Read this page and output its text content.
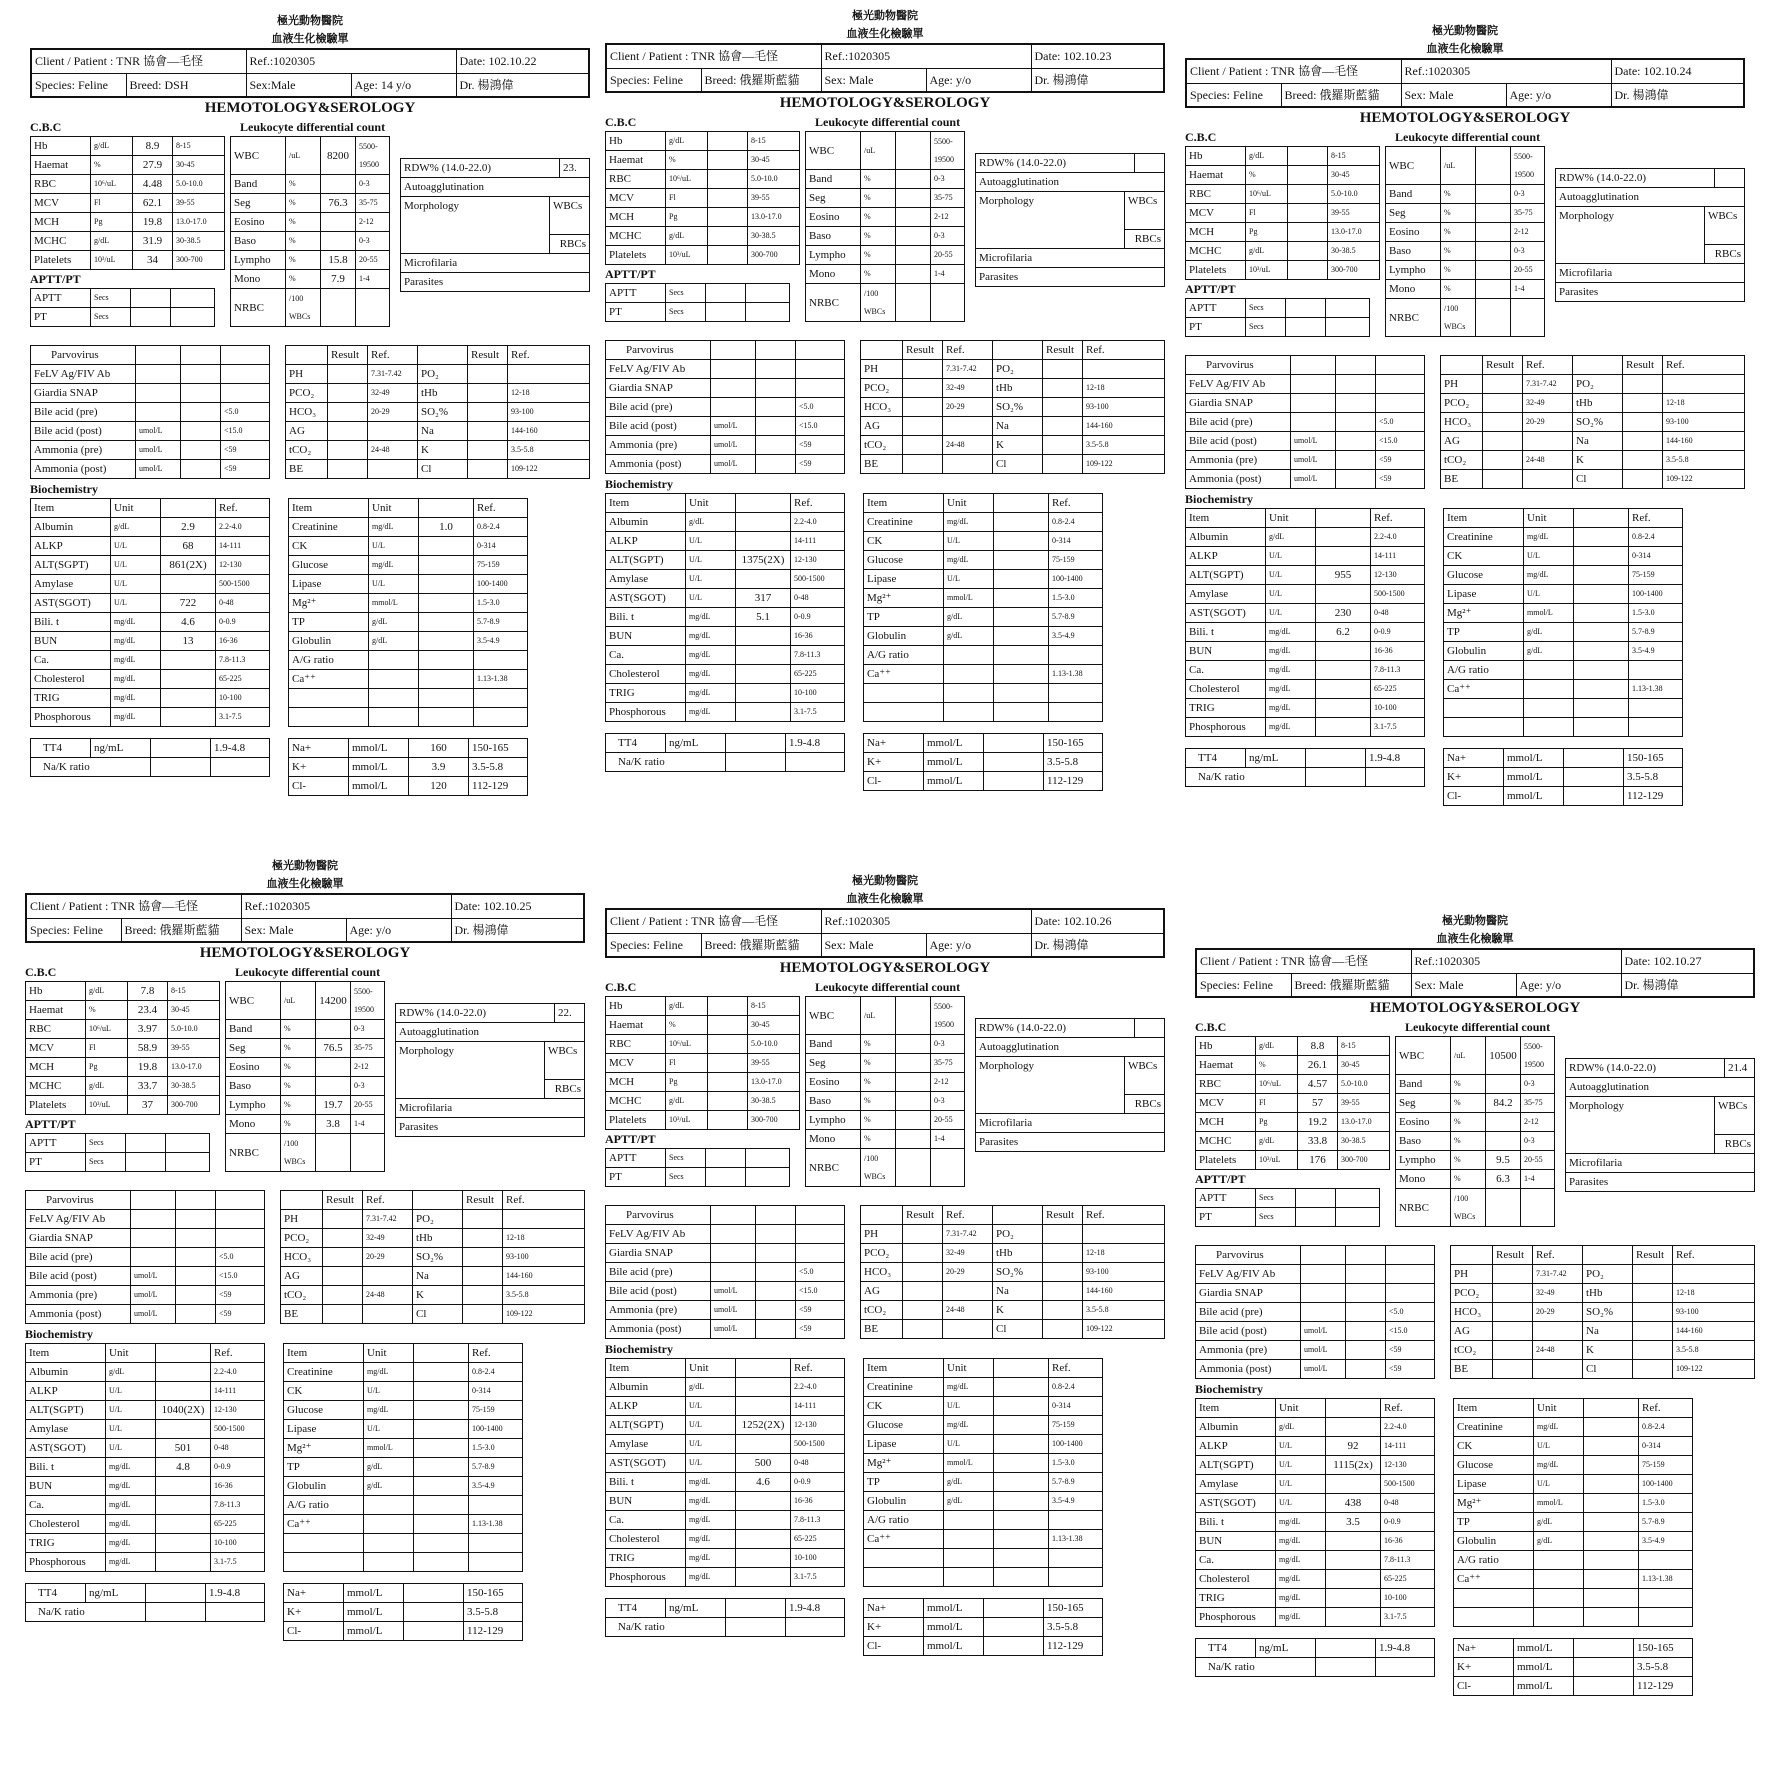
極光動物醫院
血液生化檢驗單
Client / Patient : TNR 協會—毛怪		Ref.:1020305		Date: 102.10.22
Species: Feline	Breed: DSH	Sex:Male	Age: 14 y/o	Dr. 楊鴻偉
HEMOTOLOGY&SEROLOGY
C.B.C	Leukocyte differential count
Hb	g/dL	8.9	8-15
Haemat	%	27.9	30-45
RBC	10⁶/uL	4.48	5.0-10.0
MCV	Fl	62.1	39-55
MCH	Pg	19.8	13.0-17.0
MCHC	g/dL	31.9	30-38.5
Platelets	10³/uL	34	300-700
WBC	/uL	8200	5500-19500
Band	%		0-3
Seg	%	76.3	35-75
Eosino	%		2-12
Baso	%		0-3
Lympho	%	15.8	20-55
Mono	%	7.9	1-4
NRBC	/100 WBCs		
RDW% (14.0-22.0)		23.
Autoagglutination		
Morphology	WBCs	
	RBCs	
Microfilaria		
Parasites		
APTT/PT
APTT	Secs		
PT	Secs		
Parvovirus			
FeLV Ag/FIV Ab			
Giardia SNAP			
Bile acid (pre)			<5.0
Bile acid (post)	umol/L		<15.0
Ammonia (pre)	umol/L		<59
Ammonia (post)	umol/L		<59
	Result	Ref.		Result	Ref.
PH		7.31-7.42	PO₂		
PCO₂		32-49	tHb		12-18
HCO₃		20-29	SO₂%		93-100
AG			Na		144-160
tCO₂		24-48	K		3.5-5.8
BE			Cl		109-122
Biochemistry
Item	Unit		Ref.
Albumin	g/dL	2.9	2.2-4.0
ALKP	U/L	68	14-111
ALT(SGPT)	U/L	861(2X)	12-130
Amylase	U/L		500-1500
AST(SGOT)	U/L	722	0-48
Bili. t	mg/dL	4.6	0-0.9
BUN	mg/dL	13	16-36
Ca.	mg/dL		7.8-11.3
Cholesterol	mg/dL		65-225
TRIG	mg/dL		10-100
Phosphorous	mg/dL		3.1-7.5
Item	Unit		Ref.
Creatinine	mg/dL	1.0	0.8-2.4
CK	U/L		0-314
Glucose	mg/dL		75-159
Lipase	U/L		100-1400
Mg²⁺	mmol/L		1.5-3.0
TP	g/dL		5.7-8.9
Globulin	g/dL		3.5-4.9
A/G ratio			
Ca⁺⁺			1.13-1.38

TT4	ng/mL		1.9-4.8
Na/K ratio			
Na+	mmol/L	160	150-165
K+	mmol/L	3.9	3.5-5.8
Cl-	mmol/L	120	112-129
極光動物醫院
血液生化檢驗單
Client / Patient : TNR 協會—毛怪		Ref.:1020305		Date: 102.10.23
Species: Feline	Breed: 俄羅斯藍貓	Sex: Male	Age: y/o	Dr. 楊鴻偉
HEMOTOLOGY&SEROLOGY
C.B.C	Leukocyte differential count
Hb	g/dL		8-15
Haemat	%		30-45
RBC	10⁶/uL		5.0-10.0
MCV	Fl		39-55
MCH	Pg		13.0-17.0
MCHC	g/dL		30-38.5
Platelets	10³/uL		300-700
WBC	/uL		5500-19500
Band	%		0-3
Seg	%		35-75
Eosino	%		2-12
Baso	%		0-3
Lympho	%		20-55
Mono	%		1-4
NRBC	/100 WBCs		
RDW% (14.0-22.0)		
Autoagglutination		
Morphology	WBCs	
	RBCs	
Microfilaria		
Parasites		
APTT/PT
APTT	Secs		
PT	Secs		
Parvovirus			
FeLV Ag/FIV Ab			
Giardia SNAP			
Bile acid (pre)			<5.0
Bile acid (post)	umol/L		<15.0
Ammonia (pre)	umol/L		<59
Ammonia (post)	umol/L		<59
	Result	Ref.		Result	Ref.
PH		7.31-7.42	PO₂		
PCO₂		32-49	tHb		12-18
HCO₃		20-29	SO₂%		93-100
AG			Na		144-160
tCO₂		24-48	K		3.5-5.8
BE			Cl		109-122
Biochemistry
Item	Unit		Ref.
Albumin	g/dL		2.2-4.0
ALKP	U/L		14-111
ALT(SGPT)	U/L	1375(2X)	12-130
Amylase	U/L		500-1500
AST(SGOT)	U/L	317	0-48
Bili. t	mg/dL	5.1	0-0.9
BUN	mg/dL		16-36
Ca.	mg/dL		7.8-11.3
Cholesterol	mg/dL		65-225
TRIG	mg/dL		10-100
Phosphorous	mg/dL		3.1-7.5
Item	Unit		Ref.
Creatinine	mg/dL		0.8-2.4
CK	U/L		0-314
Glucose	mg/dL		75-159
Lipase	U/L		100-1400
Mg²⁺	mmol/L		1.5-3.0
TP	g/dL		5.7-8.9
Globulin	g/dL		3.5-4.9
A/G ratio			
Ca⁺⁺			1.13-1.38

TT4	ng/mL		1.9-4.8
Na/K ratio			
Na+	mmol/L		150-165
K+	mmol/L		3.5-5.8
Cl-	mmol/L		112-129
極光動物醫院
血液生化檢驗單
Client / Patient : TNR 協會—毛怪		Ref.:1020305		Date: 102.10.24
Species: Feline	Breed: 俄羅斯藍貓	Sex: Male	Age: y/o	Dr. 楊鴻偉
HEMOTOLOGY&SEROLOGY
C.B.C	Leukocyte differential count
Hb	g/dL		8-15
Haemat	%		30-45
RBC	10⁶/uL		5.0-10.0
MCV	Fl		39-55
MCH	Pg		13.0-17.0
MCHC	g/dL		30-38.5
Platelets	10³/uL		300-700
WBC	/uL		5500-19500
Band	%		0-3
Seg	%		35-75
Eosino	%		2-12
Baso	%		0-3
Lympho	%		20-55
Mono	%		1-4
NRBC	/100 WBCs		
RDW% (14.0-22.0)		
Autoagglutination		
Morphology	WBCs	
	RBCs	
Microfilaria		
Parasites		
APTT/PT
APTT	Secs		
PT	Secs		
Parvovirus			
FeLV Ag/FIV Ab			
Giardia SNAP			
Bile acid (pre)			<5.0
Bile acid (post)	umol/L		<15.0
Ammonia (pre)	umol/L		<59
Ammonia (post)	umol/L		<59
	Result	Ref.		Result	Ref.
PH		7.31-7.42	PO₂		
PCO₂		32-49	tHb		12-18
HCO₃		20-29	SO₂%		93-100
AG			Na		144-160
tCO₂		24-48	K		3.5-5.8
BE			Cl		109-122
Biochemistry
Item	Unit		Ref.
Albumin	g/dL		2.2-4.0
ALKP	U/L		14-111
ALT(SGPT)	U/L	955	12-130
Amylase	U/L		500-1500
AST(SGOT)	U/L	230	0-48
Bili. t	mg/dL	6.2	0-0.9
BUN	mg/dL		16-36
Ca.	mg/dL		7.8-11.3
Cholesterol	mg/dL		65-225
TRIG	mg/dL		10-100
Phosphorous	mg/dL		3.1-7.5
Item	Unit		Ref.
Creatinine	mg/dL		0.8-2.4
CK	U/L		0-314
Glucose	mg/dL		75-159
Lipase	U/L		100-1400
Mg²⁺	mmol/L		1.5-3.0
TP	g/dL		5.7-8.9
Globulin	g/dL		3.5-4.9
A/G ratio			
Ca⁺⁺			1.13-1.38

TT4	ng/mL		1.9-4.8
Na/K ratio			
Na+	mmol/L		150-165
K+	mmol/L		3.5-5.8
Cl-	mmol/L		112-129
極光動物醫院
血液生化檢驗單
Client / Patient : TNR 協會—毛怪		Ref.:1020305		Date: 102.10.25
Species: Feline	Breed: 俄羅斯藍貓	Sex: Male	Age: y/o	Dr. 楊鴻偉
HEMOTOLOGY&SEROLOGY
C.B.C	Leukocyte differential count
Hb	g/dL	7.8	8-15
Haemat	%	23.4	30-45
RBC	10⁶/uL	3.97	5.0-10.0
MCV	Fl	58.9	39-55
MCH	Pg	19.8	13.0-17.0
MCHC	g/dL	33.7	30-38.5
Platelets	10³/uL	37	300-700
WBC	/uL	14200	5500-19500
Band	%		0-3
Seg	%	76.5	35-75
Eosino	%		2-12
Baso	%		0-3
Lympho	%	19.7	20-55
Mono	%	3.8	1-4
NRBC	/100 WBCs		
RDW% (14.0-22.0)		22.
Autoagglutination		
Morphology	WBCs	
	RBCs	
Microfilaria		
Parasites		
APTT/PT
APTT	Secs		
PT	Secs		
Parvovirus			
FeLV Ag/FIV Ab			
Giardia SNAP			
Bile acid (pre)			<5.0
Bile acid (post)	umol/L		<15.0
Ammonia (pre)	umol/L		<59
Ammonia (post)	umol/L		<59
	Result	Ref.		Result	Ref.
PH		7.31-7.42	PO₂		
PCO₂		32-49	tHb		12-18
HCO₃		20-29	SO₂%		93-100
AG			Na		144-160
tCO₂		24-48	K		3.5-5.8
BE			Cl		109-122
Biochemistry
Item	Unit		Ref.
Albumin	g/dL		2.2-4.0
ALKP	U/L		14-111
ALT(SGPT)	U/L	1040(2X)	12-130
Amylase	U/L		500-1500
AST(SGOT)	U/L	501	0-48
Bili. t	mg/dL	4.8	0-0.9
BUN	mg/dL		16-36
Ca.	mg/dL		7.8-11.3
Cholesterol	mg/dL		65-225
TRIG	mg/dL		10-100
Phosphorous	mg/dL		3.1-7.5
Item	Unit		Ref.
Creatinine	mg/dL		0.8-2.4
CK	U/L		0-314
Glucose	mg/dL		75-159
Lipase	U/L		100-1400
Mg²⁺	mmol/L		1.5-3.0
TP	g/dL		5.7-8.9
Globulin	g/dL		3.5-4.9
A/G ratio			
Ca⁺⁺			1.13-1.38

TT4	ng/mL		1.9-4.8
Na/K ratio			
Na+	mmol/L		150-165
K+	mmol/L		3.5-5.8
Cl-	mmol/L		112-129
極光動物醫院
血液生化檢驗單
Client / Patient : TNR 協會—毛怪		Ref.:1020305		Date: 102.10.26
Species: Feline	Breed: 俄羅斯藍貓	Sex: Male	Age: y/o	Dr. 楊鴻偉
HEMOTOLOGY&SEROLOGY
C.B.C	Leukocyte differential count
Hb	g/dL		8-15
Haemat	%		30-45
RBC	10⁶/uL		5.0-10.0
MCV	Fl		39-55
MCH	Pg		13.0-17.0
MCHC	g/dL		30-38.5
Platelets	10³/uL		300-700
WBC	/uL		5500-19500
Band	%		0-3
Seg	%		35-75
Eosino	%		2-12
Baso	%		0-3
Lympho	%		20-55
Mono	%		1-4
NRBC	/100 WBCs		
RDW% (14.0-22.0)		
Autoagglutination		
Morphology	WBCs	
	RBCs	
Microfilaria		
Parasites		
APTT/PT
APTT	Secs		
PT	Secs		
Parvovirus			
FeLV Ag/FIV Ab			
Giardia SNAP			
Bile acid (pre)			<5.0
Bile acid (post)	umol/L		<15.0
Ammonia (pre)	umol/L		<59
Ammonia (post)	umol/L		<59
	Result	Ref.		Result	Ref.
PH		7.31-7.42	PO₂		
PCO₂		32-49	tHb		12-18
HCO₃		20-29	SO₂%		93-100
AG			Na		144-160
tCO₂		24-48	K		3.5-5.8
BE			Cl		109-122
Biochemistry
Item	Unit		Ref.
Albumin	g/dL		2.2-4.0
ALKP	U/L		14-111
ALT(SGPT)	U/L	1252(2X)	12-130
Amylase	U/L		500-1500
AST(SGOT)	U/L	500	0-48
Bili. t	mg/dL	4.6	0-0.9
BUN	mg/dL		16-36
Ca.	mg/dL		7.8-11.3
Cholesterol	mg/dL		65-225
TRIG	mg/dL		10-100
Phosphorous	mg/dL		3.1-7.5
Item	Unit		Ref.
Creatinine	mg/dL		0.8-2.4
CK	U/L		0-314
Glucose	mg/dL		75-159
Lipase	U/L		100-1400
Mg²⁺	mmol/L		1.5-3.0
TP	g/dL		5.7-8.9
Globulin	g/dL		3.5-4.9
A/G ratio			
Ca⁺⁺			1.13-1.38

TT4	ng/mL		1.9-4.8
Na/K ratio			
Na+	mmol/L		150-165
K+	mmol/L		3.5-5.8
Cl-	mmol/L		112-129
極光動物醫院
血液生化檢驗單
Client / Patient : TNR 協會—毛怪		Ref.:1020305		Date: 102.10.27
Species: Feline	Breed: 俄羅斯藍貓	Sex: Male	Age: y/o	Dr. 楊鴻偉
HEMOTOLOGY&SEROLOGY
C.B.C	Leukocyte differential count
Hb	g/dL	8.8	8-15
Haemat	%	26.1	30-45
RBC	10⁶/uL	4.57	5.0-10.0
MCV	Fl	57	39-55
MCH	Pg	19.2	13.0-17.0
MCHC	g/dL	33.8	30-38.5
Platelets	10³/uL	176	300-700
WBC	/uL	10500	5500-19500
Band	%		0-3
Seg	%	84.2	35-75
Eosino	%		2-12
Baso	%		0-3
Lympho	%	9.5	20-55
Mono	%	6.3	1-4
NRBC	/100 WBCs		
RDW% (14.0-22.0)		21.4
Autoagglutination		
Morphology	WBCs	
	RBCs	
Microfilaria		
Parasites		
APTT/PT
APTT	Secs		
PT	Secs		
Parvovirus			
FeLV Ag/FIV Ab			
Giardia SNAP			
Bile acid (pre)			<5.0
Bile acid (post)	umol/L		<15.0
Ammonia (pre)	umol/L		<59
Ammonia (post)	umol/L		<59
	Result	Ref.		Result	Ref.
PH		7.31-7.42	PO₂		
PCO₂		32-49	tHb		12-18
HCO₃		20-29	SO₂%		93-100
AG			Na		144-160
tCO₂		24-48	K		3.5-5.8
BE			Cl		109-122
Biochemistry
Item	Unit		Ref.
Albumin	g/dL		2.2-4.0
ALKP	U/L	92	14-111
ALT(SGPT)	U/L	1115(2x)	12-130
Amylase	U/L		500-1500
AST(SGOT)	U/L	438	0-48
Bili. t	mg/dL	3.5	0-0.9
BUN	mg/dL		16-36
Ca.	mg/dL		7.8-11.3
Cholesterol	mg/dL		65-225
TRIG	mg/dL		10-100
Phosphorous	mg/dL		3.1-7.5
Item	Unit		Ref.
Creatinine	mg/dL		0.8-2.4
CK	U/L		0-314
Glucose	mg/dL		75-159
Lipase	U/L		100-1400
Mg²⁺	mmol/L		1.5-3.0
TP	g/dL		5.7-8.9
Globulin	g/dL		3.5-4.9
A/G ratio			
Ca⁺⁺			1.13-1.38

TT4	ng/mL		1.9-4.8
Na/K ratio			
Na+	mmol/L		150-165
K+	mmol/L		3.5-5.8
Cl-	mmol/L		112-129
